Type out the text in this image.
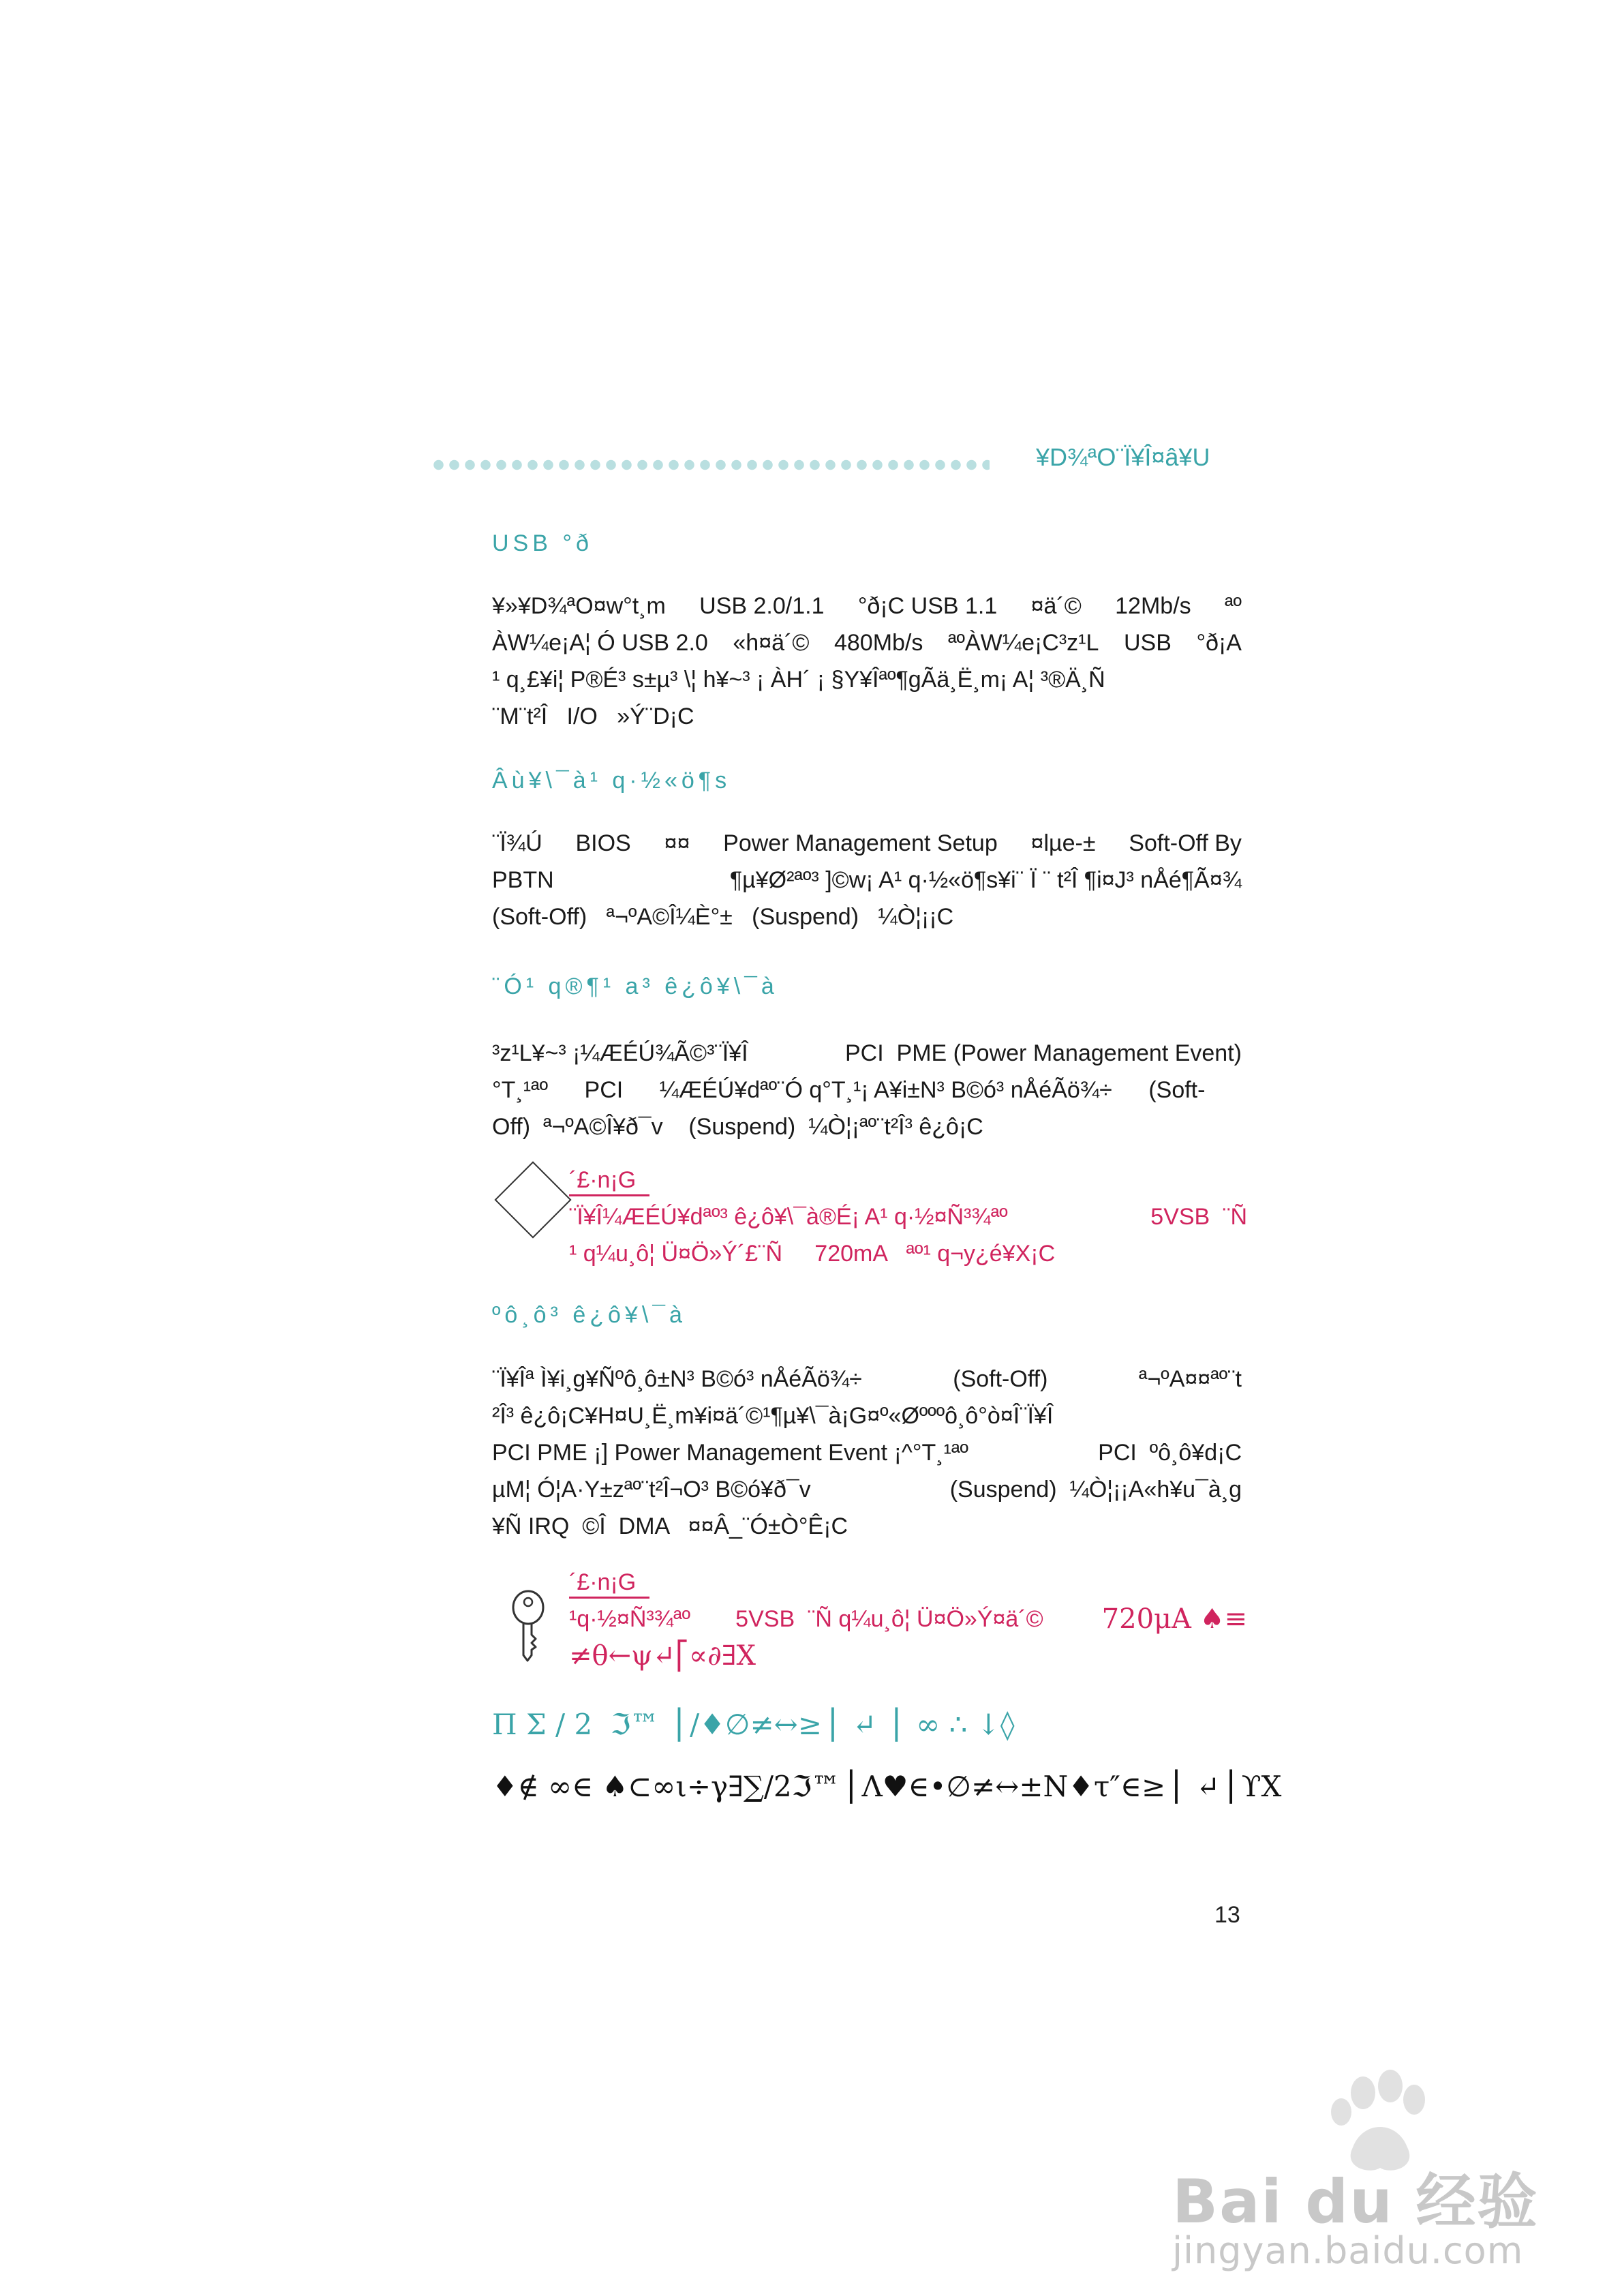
¥D¾ªO¨Ï¥Î¤â¥U
USB °ð
¥»¥D¾ªO¤w°t¸m USB 2.0/1.1 °ð¡C USB 1.1 ¤ä´© 12Mb/s ªº
ÀW¼e¡A¦ Ó USB 2.0 «h¤ä´© 480Mb/s ªºÀW¼e¡C³z¹L USB °ð¡A
¹ q¸£¥i¦ P®É³ s±µ³ \¦ h¥~³ ¡ ÀH´ ¡ §Y¥Îªº¶gÃä¸Ë¸m¡ A¦ ³®Ä¸Ñ
¨M¨t²Î   I/O   »Ý¨D¡C
Âù¥\¯à¹ q·½«ö¶s
¨Ï¾Ú BIOS ¤¤ Power Management Setup ¤lµe-± Soft-Off By
PBTN	¶µ¥Ø²ªº³ ]©w¡ A¹ q·½«ö¶s¥i¨ Ï ¨ t²Î ¶i¤J³ nÅé¶Ã¤¾
(Soft-Off)   ª¬ºA©Î¼È°±   (Suspend)   ¼Ò¦¡¡C
¨Ó¹ q®¶¹ a³ ê¿ô¥\¯à
³z¹L¥~³ ¡¼ÆÉÚ¾Ã©³¨Ï¥Î	PCI  PME (Power Management Event)
°T¸¹ªº PCI ¼ÆÉÚ¥dªº¨Ó q°T¸¹¡ A¥i±N³ B©ó³ nÅéÃö¾÷ (Soft-
Off)  ª¬ºA©Î¥ð¯v    (Suspend)  ¼Ò¦¡ªº¨t²Î³ ê¿ô¡C
´£·n¡G
¨Ï¥Î¼ÆÉÚ¥dªº³ ê¿ô¥\¯à®É¡ A¹ q·½¤Ñ³¾ªº	5VSB  ¨Ñ
¹ q¼u¸ô¦ Ü¤Ö»Ý´£¨Ñ     720mA   ªº¹ q¬y¿é¥X¡C
ºô¸ô³ ê¿ô¥\¯à
¨Ï¥Îª Ì¥i¸g¥Ñºô¸ô±N³ B©ó³ nÅéÃö¾÷	(Soft-Off)	ª¬ºA¤¤ªº¨t
²Î³ ê¿ô¡C¥H¤U¸Ë¸m¥i¤ä´©¹¶µ¥\¯à¡G¤º«Øºººô¸ô°ò¤Î¨Ï¥Î
PCI PME ¡] Power Management Event ¡^°T¸¹ªº	PCI  ºô¸ô¥d¡C
µM¦ Ó¦A·Y±zªº¨t²Î¬O³ B©ó¥ð¯v	(Suspend)  ¼Ò¦¡¡A«h¥u¯à¸g
¥Ñ IRQ  ©Î  DMA   ¤¤Â_¨Ó±Ò°Ê¡C
´£·n¡G
¹q·½¤Ñ³¾ªº       5VSB  ¨Ñ q¼u¸ô¦ Ü¤Ö»Ý¤ä´© 720μA ♠≡
≠θ←ψ↵⎡∝∂∃X
Π Σ / 2  ℑ™ ⎪/♦∅≠↔≥⎪ ↵ ⎪ ∞ ∴ ↓◊
♦∉ ∞∈ ♠⊂∞ι÷γ∃∑/2ℑ™⎪Λ♥∈•∅≠↔±Ν♦τ″∈≥⎪ ↵⎪ϒΧ
13
Bai du 经验
jingyan.baidu.com
